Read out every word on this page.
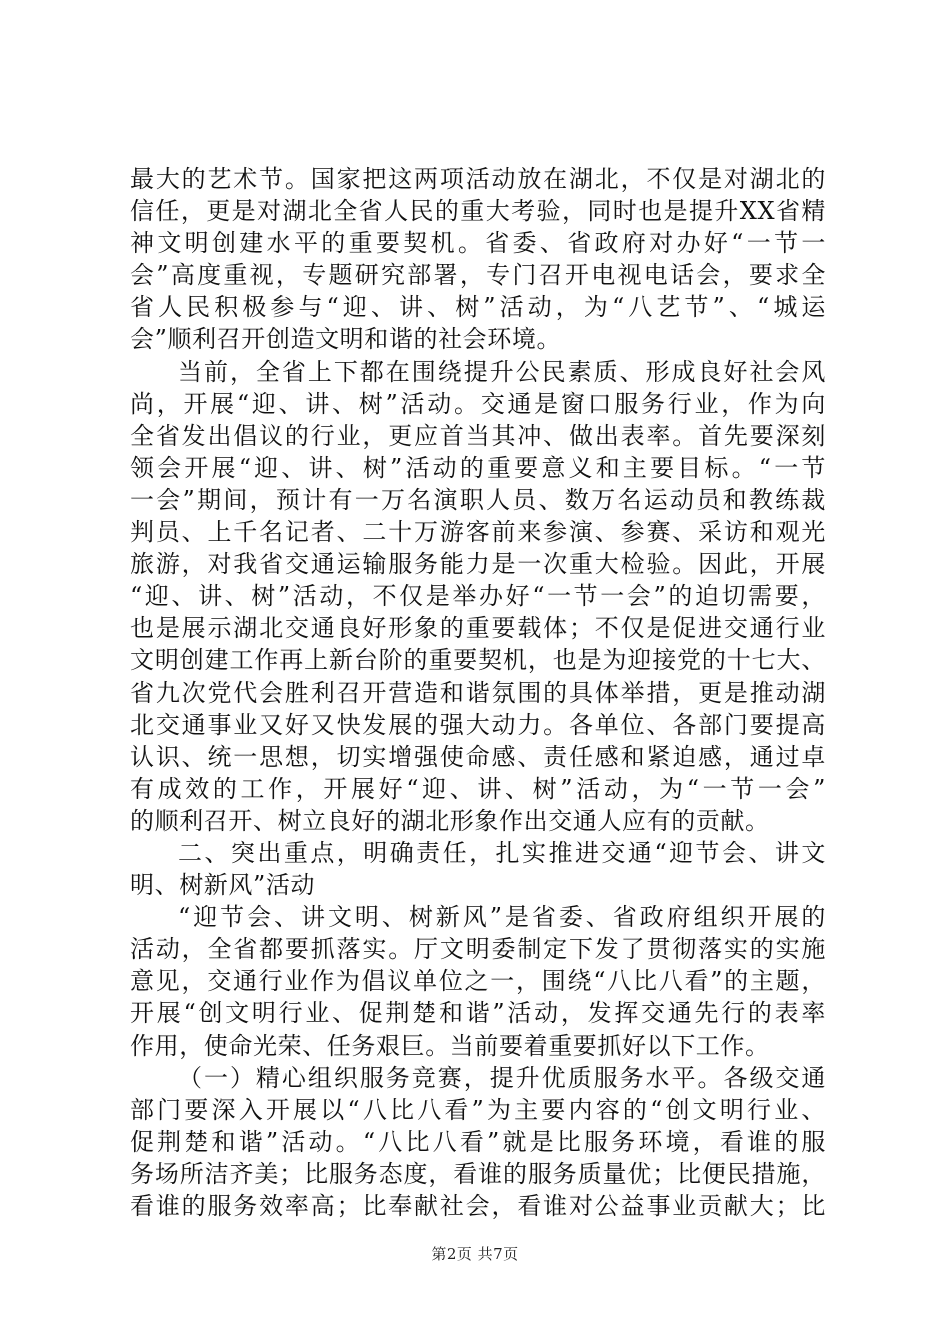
最大的艺术节。国家把这两项活动放在湖北，不仅是对湖北的
信任，更是对湖北全省人民的重大考验，同时也是提升XX省精
神文明创建水平的重要契机。省委、省政府对办好“一节一
会”高度重视，专题研究部署，专门召开电视电话会，要求全
省人民积极参与“迎、讲、树”活动，为“八艺节”、“城运
会”顺利召开创造文明和谐的社会环境。
当前，全省上下都在围绕提升公民素质、形成良好社会风
尚，开展“迎、讲、树”活动。交通是窗口服务行业，作为向
全省发出倡议的行业，更应首当其冲、做出表率。首先要深刻
领会开展“迎、讲、树”活动的重要意义和主要目标。“一节
一会”期间，预计有一万名演职人员、数万名运动员和教练裁
判员、上千名记者、二十万游客前来参演、参赛、采访和观光
旅游，对我省交通运输服务能力是一次重大检验。因此，开展
“迎、讲、树”活动，不仅是举办好“一节一会”的迫切需要，
也是展示湖北交通良好形象的重要载体；不仅是促进交通行业
文明创建工作再上新台阶的重要契机，也是为迎接党的十七大、
省九次党代会胜利召开营造和谐氛围的具体举措，更是推动湖
北交通事业又好又快发展的强大动力。各单位、各部门要提高
认识、统一思想，切实增强使命感、责任感和紧迫感，通过卓
有成效的工作，开展好“迎、讲、树”活动，为“一节一会”
的顺利召开、树立良好的湖北形象作出交通人应有的贡献。
二、突出重点，明确责任，扎实推进交通“迎节会、讲文
明、树新风”活动
“迎节会、讲文明、树新风”是省委、省政府组织开展的
活动，全省都要抓落实。厅文明委制定下发了贯彻落实的实施
意见，交通行业作为倡议单位之一，围绕“八比八看”的主题，
开展“创文明行业、促荆楚和谐”活动，发挥交通先行的表率
作用，使命光荣、任务艰巨。当前要着重要抓好以下工作。
（一）精心组织服务竞赛，提升优质服务水平。各级交通
部门要深入开展以“八比八看”为主要内容的“创文明行业、
促荆楚和谐”活动。“八比八看”就是比服务环境，看谁的服
务场所洁齐美；比服务态度，看谁的服务质量优；比便民措施，
看谁的服务效率高；比奉献社会，看谁对公益事业贡献大；比
第2页 共7页
